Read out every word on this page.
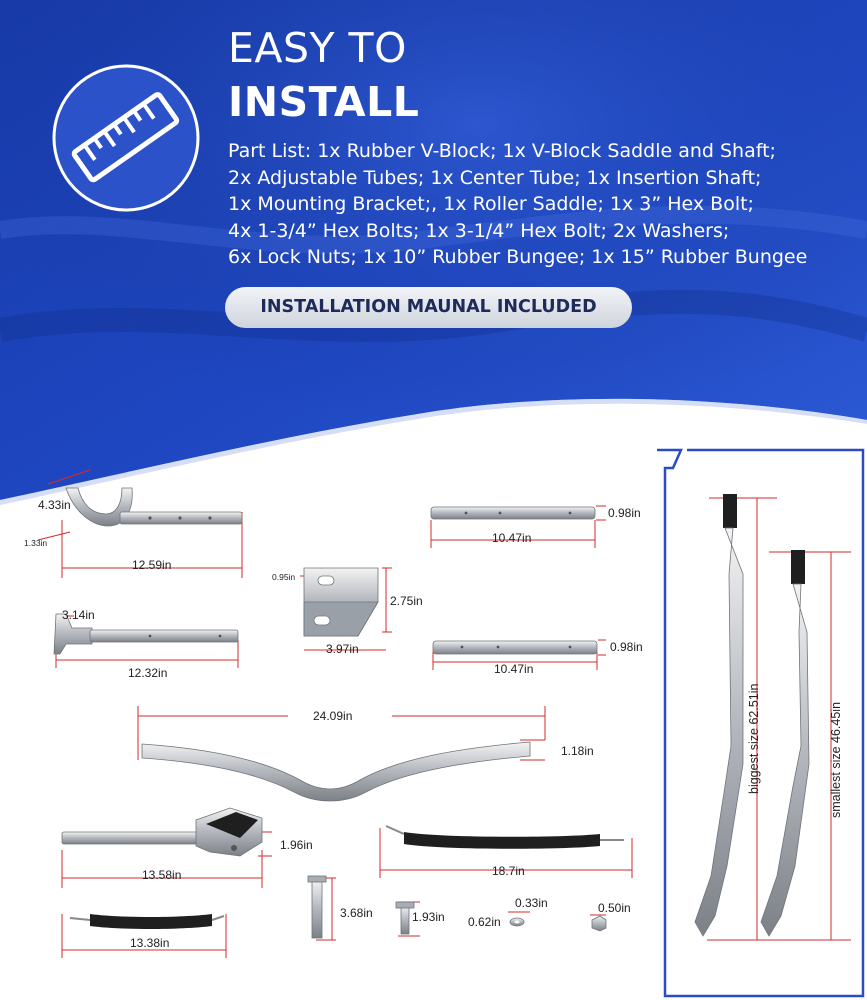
EASY TO
INSTALL
Part List: 1x Rubber V-Block; 1x V-Block Saddle and Shaft;
2x Adjustable Tubes; 1x Center Tube; 1x Insertion Shaft;
1x Mounting Bracket;, 1x Roller Saddle; 1x 3” Hex Bolt;
4x 1-3/4” Hex Bolts; 1x 3-1/4” Hex Bolt; 2x Washers;
6x Lock Nuts; 1x 10” Rubber Bungee; 1x 15” Rubber Bungee
INSTALLATION MAUNAL INCLUDED
4.33in
1.33in
12.59in
0.98in
10.47in
0.95in
2.75in
3.97in
3.14in
12.32in
0.98in
10.47in
24.09in
1.18in
1.96in
13.58in	18.7in
3.68in
13.38in
1.93in 0.62in
0.33in	0.50in
biggest size 62.51in	smallest size 46.45in
